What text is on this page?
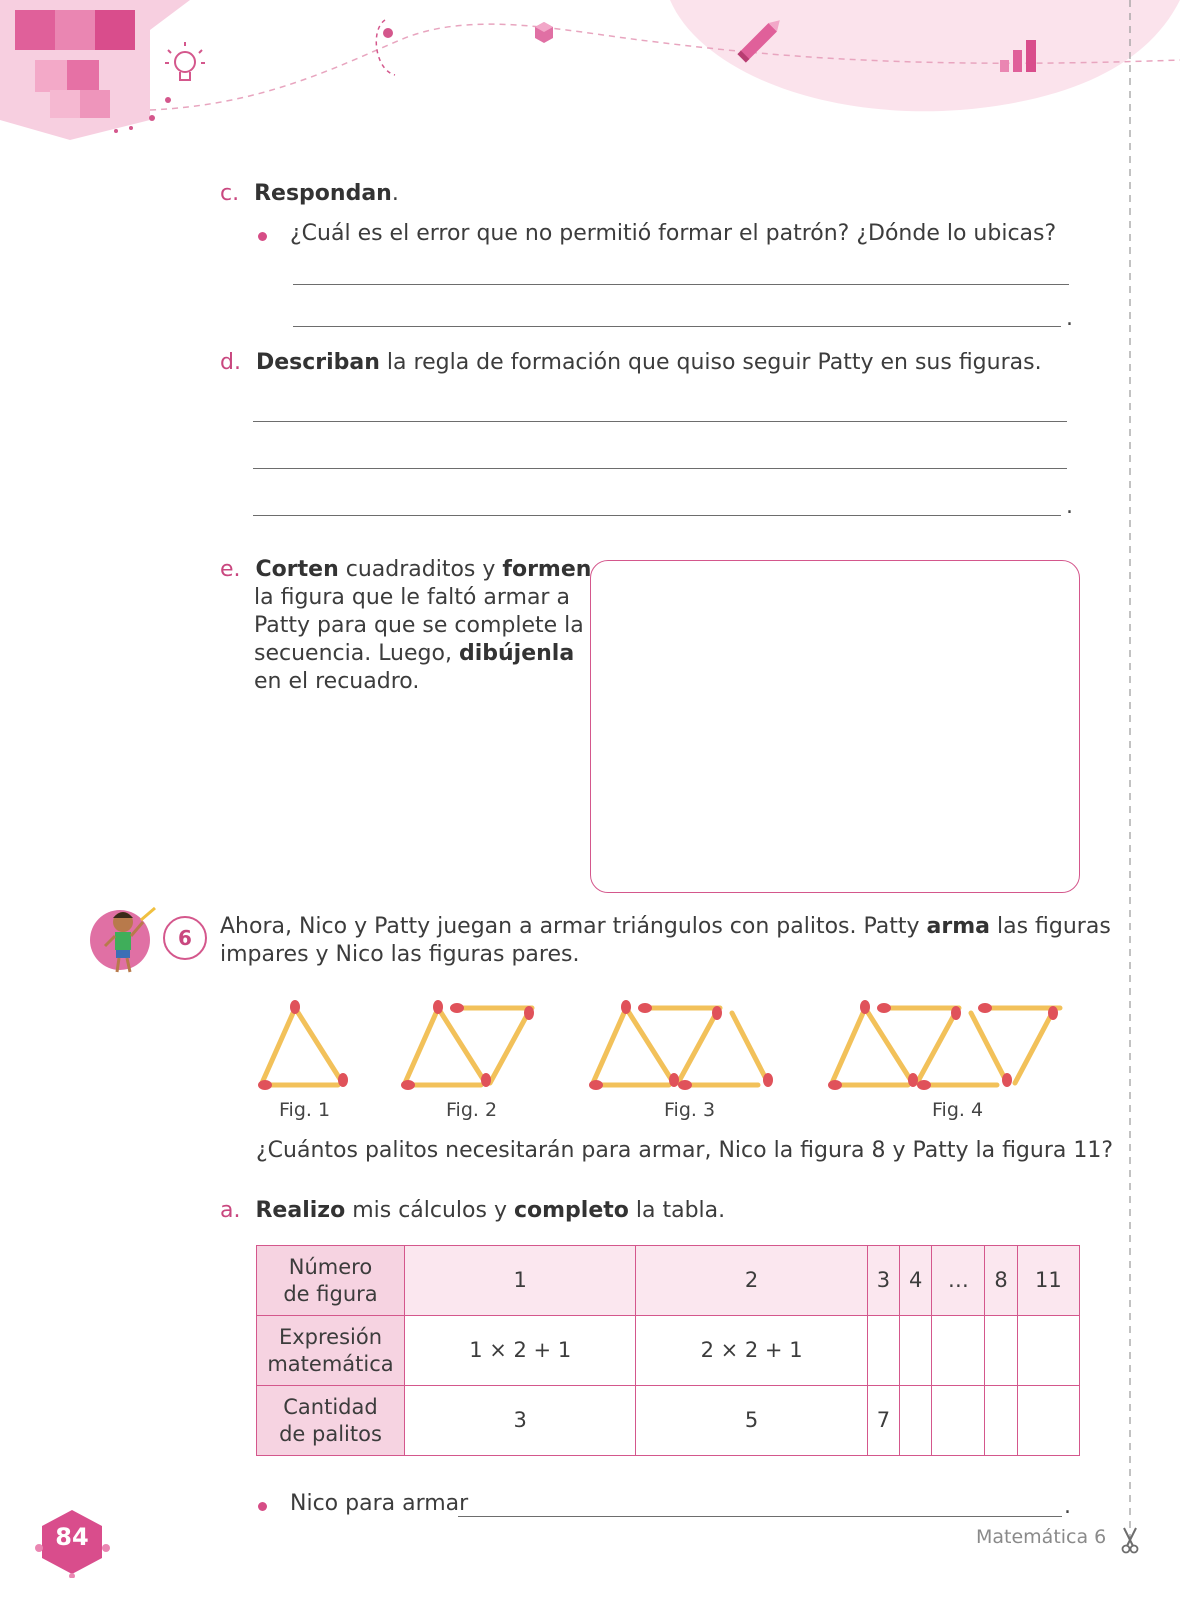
c. Respondan.
¿Cuál es el error que no permitió formar el patrón? ¿Dónde lo ubicas?
.
d. Describan la regla de formación que quiso seguir Patty en sus figuras.
.
e. Corten cuadraditos y formen
la figura que le faltó armar a
Patty para que se complete la
secuencia. Luego, dibújenla
en el recuadro.
6	Ahora, Nico y Patty juegan a armar triángulos con palitos. Patty arma las figuras
impares y Nico las figuras pares.
Fig. 1	Fig. 2	Fig. 3	Fig. 4
¿Cuántos palitos necesitarán para armar, Nico la figura 8 y Patty la figura 11?
a. Realizo mis cálculos y completo la tabla.
Número
de figura	1	2	3	4	…	8	11
Expresión
matemática	1 × 2 + 1	2 × 2 + 1					
Cantidad
de palitos	3	5	7				
Nico para armar	.
84	Matemática 6
